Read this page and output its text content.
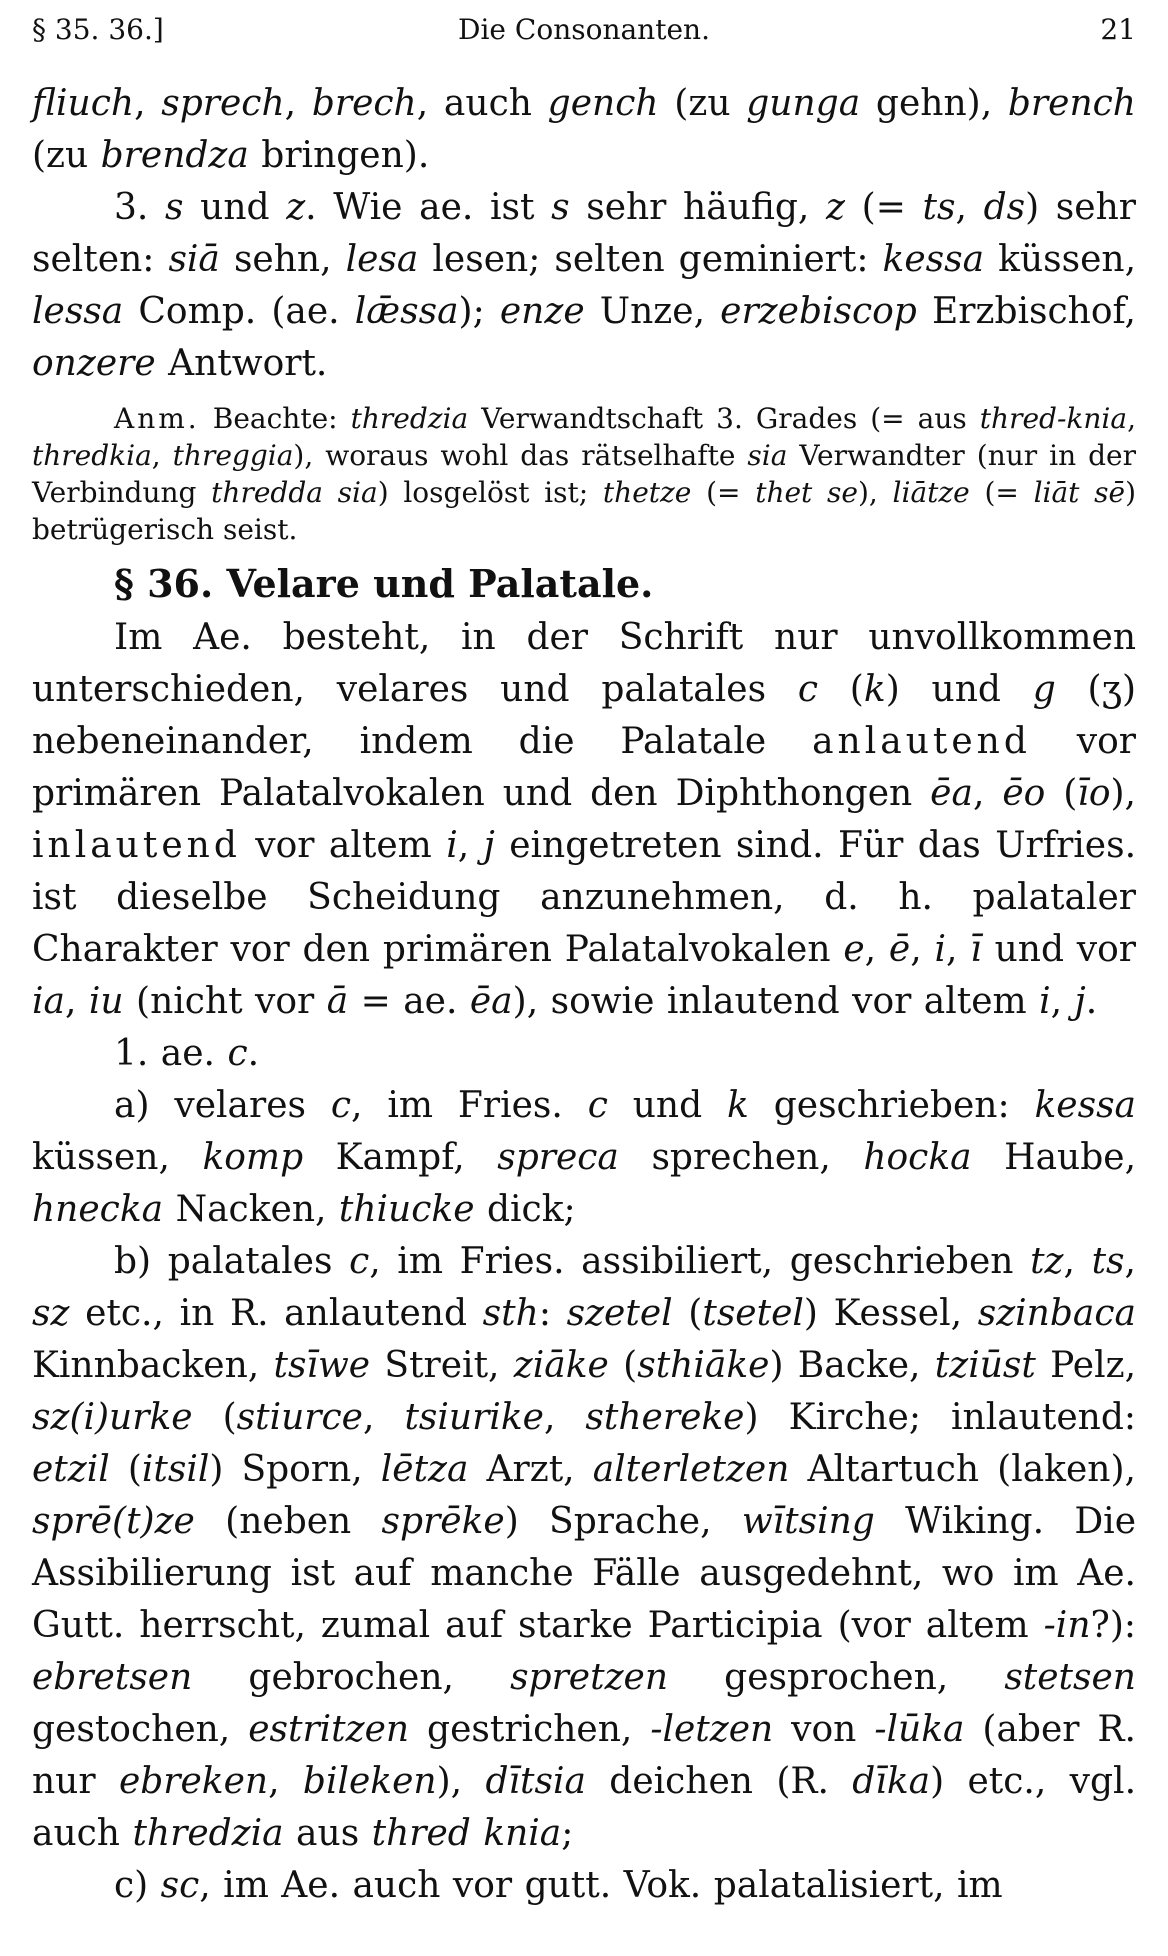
§ 35. 36.]	Die Consonanten.	21

fliuch, sprech, brech, auch gench (zu gunga gehn), brench (zu brendza bringen).

3. s und z. Wie ae. ist s sehr häufig, z (= ts, ds) sehr selten: siā sehn, lesa lesen; selten geminiert: kessa küssen, lessa Comp. (ae. lǣssa); enze Unze, erzebiscop Erzbischof, onzere Antwort.

Anm. Beachte: thredzia Verwandtschaft 3. Grades (= aus thred-knia, thredkia, threggia), woraus wohl das rätselhafte sia Verwandter (nur in der Verbindung thredda sia) losgelöst ist; thetze (= thet se), liātze (= liāt sē) betrügerisch seist.

§ 36. Velare und Palatale.

Im Ae. besteht, in der Schrift nur unvollkommen unterschieden, velares und palatales c (k) und g (ʒ) nebeneinander, indem die Palatale anlautend vor primären Palatalvokalen und den Diphthongen ēa, ēo (īo), inlautend vor altem i, j eingetreten sind. Für das Urfries. ist dieselbe Scheidung anzunehmen, d. h. palataler Charakter vor den primären Palatalvokalen e, ē, i, ī und vor ia, iu (nicht vor ā = ae. ēa), sowie inlautend vor altem i, j.

1. ae. c.

a) velares c, im Fries. c und k geschrieben: kessa küssen, komp Kampf, spreca sprechen, hocka Haube, hnecka Nacken, thiucke dick;

b) palatales c, im Fries. assibiliert, geschrieben tz, ts, sz etc., in R. anlautend sth: szetel (tsetel) Kessel, szinbaca Kinnbacken, tsīwe Streit, ziāke (sthiāke) Backe, tziūst Pelz, sz(i)urke (stiurce, tsiurike, sthereke) Kirche; inlautend: etzil (itsil) Sporn, lētza Arzt, alterletzen Altartuch (laken), sprē(t)ze (neben sprēke) Sprache, wītsing Wiking. Die Assibilierung ist auf manche Fälle ausgedehnt, wo im Ae. Gutt. herrscht, zumal auf starke Participia (vor altem -in?): ebretsen gebrochen, spretzen gesprochen, stetsen gestochen, estritzen gestrichen, -letzen von -lūka (aber R. nur ebreken, bileken), dītsia deichen (R. dīka) etc., vgl. auch thredzia aus thred knia;

c) sc, im Ae. auch vor gutt. Vok. palatalisiert, im
